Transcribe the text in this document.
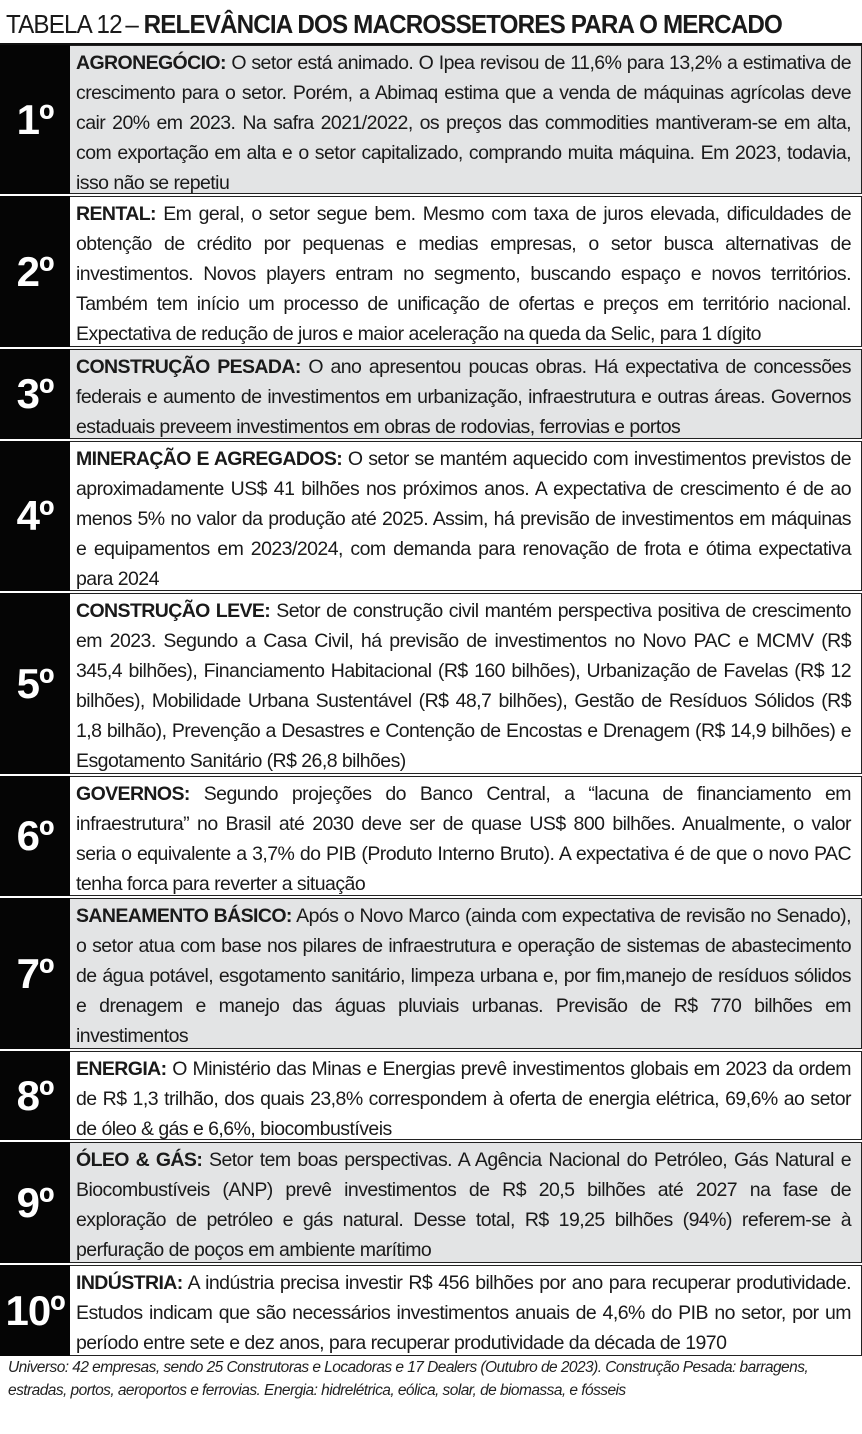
TABELA 12 – RELEVÂNCIA DOS MACROSSETORES PARA O MERCADO
1º
AGRONEGÓCIO: O setor está animado. O Ipea revisou de 11,6% para 13,2% a estimativa de crescimento para o setor. Porém, a Abimaq estima que a venda de máquinas agrícolas deve cair 20% em 2023. Na safra 2021/2022, os preços das commodities mantiveram-se em alta, com exportação em alta e o setor capitalizado, comprando muita máquina. Em 2023, todavia, isso não se repetiu
2º
RENTAL: Em geral, o setor segue bem. Mesmo com taxa de juros elevada, dificuldades de obtenção de crédito por pequenas e medias empresas, o setor busca alternativas de investimentos. Novos players entram no segmento, buscando espaço e novos territórios. Também tem início um processo de unificação de ofertas e preços em território nacional. Expectativa de redução de juros e maior aceleração na queda da Selic, para 1 dígito
3º
CONSTRUÇÃO PESADA: O ano apresentou poucas obras. Há expectativa de concessões federais e aumento de investimentos em urbanização, infraestrutura e outras áreas. Governos estaduais preveem investimentos em obras de rodovias, ferrovias e portos
4º
MINERAÇÃO E AGREGADOS: O setor se mantém aquecido com investimentos previstos de aproximadamente US$ 41 bilhões nos próximos anos. A expectativa de crescimento é de ao menos 5% no valor da produção até 2025. Assim, há previsão de investimentos em máquinas e equipamentos em 2023/2024, com demanda para renovação de frota e ótima expectativa para 2024
5º
CONSTRUÇÃO LEVE: Setor de construção civil mantém perspectiva positiva de crescimento em 2023. Segundo a Casa Civil, há previsão de investimentos no Novo PAC e MCMV (R$ 345,4 bilhões), Financiamento Habitacional (R$ 160 bilhões), Urbanização de Favelas (R$ 12 bilhões), Mobilidade Urbana Sustentável (R$ 48,7 bilhões), Gestão de Resíduos Sólidos (R$ 1,8 bilhão), Prevenção a Desastres e Contenção de Encostas e Drenagem (R$ 14,9 bilhões) e Esgotamento Sanitário (R$ 26,8 bilhões)
6º
GOVERNOS: Segundo projeções do Banco Central, a “lacuna de financiamento em infraestrutura” no Brasil até 2030 deve ser de quase US$ 800 bilhões. Anualmente, o valor seria o equivalente a 3,7% do PIB (Produto Interno Bruto). A expectativa é de que o novo PAC tenha forca para reverter a situação
7º
SANEAMENTO BÁSICO: Após o Novo Marco (ainda com expectativa de revisão no Senado), o setor atua com base nos pilares de infraestrutura e operação de sistemas de abastecimento de água potável, esgotamento sanitário, limpeza urbana e, por fim,manejo de resíduos sólidos e drenagem e manejo das águas pluviais urbanas. Previsão de R$ 770 bilhões em investimentos
8º
ENERGIA: O Ministério das Minas e Energias prevê investimentos globais em 2023 da ordem de R$ 1,3 trilhão, dos quais 23,8% correspondem à oferta de energia elétrica, 69,6% ao setor de óleo & gás e 6,6%, biocombustíveis
9º
ÓLEO & GÁS: Setor tem boas perspectivas. A Agência Nacional do Petróleo, Gás Natural e Biocombustíveis (ANP) prevê investimentos de R$ 20,5 bilhões até 2027 na fase de exploração de petróleo e gás natural. Desse total, R$ 19,25 bilhões (94%) referem-se à perfuração de poços em ambiente marítimo
10º
INDÚSTRIA: A indústria precisa investir R$ 456 bilhões por ano para recuperar produtividade. Estudos indicam que são necessários investimentos anuais de 4,6% do PIB no setor, por um período entre sete e dez anos, para recuperar produtividade da década de 1970
Universo: 42 empresas, sendo 25 Construtoras e Locadoras e 17 Dealers (Outubro de 2023). Construção Pesada: barragens, estradas, portos, aeroportos e ferrovias. Energia: hidrelétrica, eólica, solar, de biomassa, e fósseis
